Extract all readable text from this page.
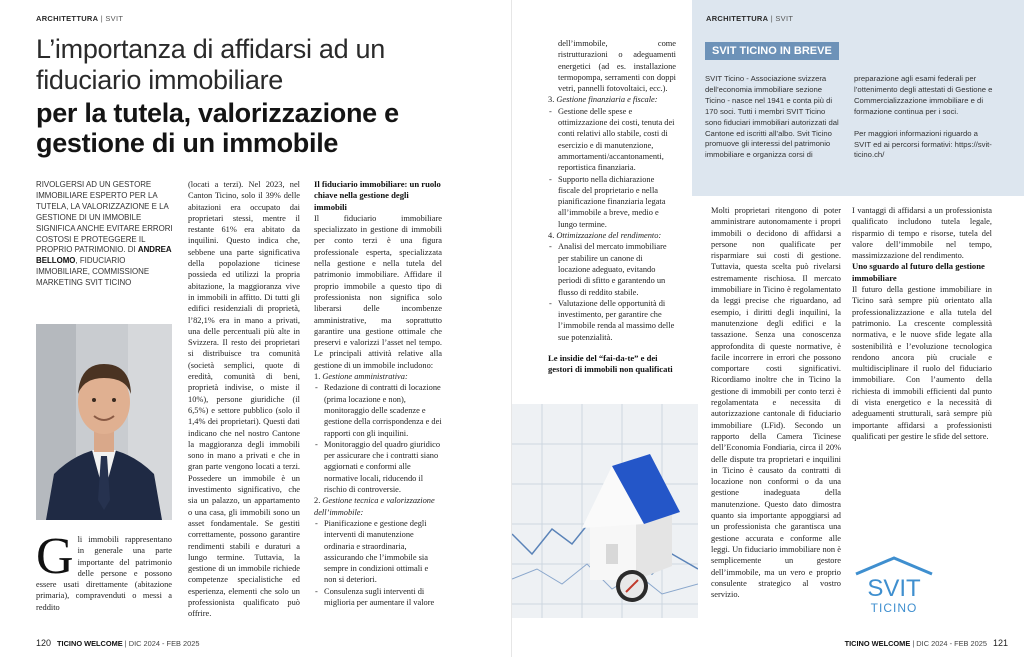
ARCHITETTURA | SVIT
L’importanza di affidarsi ad un fiduciario immobiliare
per la tutela, valorizzazione e gestione di un immobile
RIVOLGERSI AD UN GESTORE IMMOBILIARE ESPERTO PER LA TUTELA, LA VALORIZZAZIONE E LA GESTIONE DI UN IMMOBILE SIGNIFICA ANCHE EVITARE ERRORI COSTOSI E PROTEGGERE IL PROPRIO PATRIMONIO. DI ANDREA BELLOMO, FIDUCIARIO IMMOBILIARE, COMMISSIONE MARKETING SVIT TICINO
G li immobili rappresentano in generale una parte importante del patrimonio delle persone e possono essere usati direttamente (abitazione primaria), compravenduti o messi a reddito

(locati a terzi). Nel 2023, nel Canton Ticino, solo il 39% delle abitazioni era occupato dai proprietari stessi, mentre il restante 61% era abitato da inquilini. Questo indica che, sebbene una parte significativa della popolazione ticinese possieda ed utilizzi la propria abitazione, la maggioranza vive in immobili in affitto. Di tutti gli edifici residenziali di proprietà, l’82,1% era in mano a privati, una delle percentuali più alte in Svizzera. Il resto dei proprietari si distribuisce tra comunità (società semplici, quote di eredità, comunità di beni, proprietà indivise, o miste il 10%), persone giuridiche (il 6,5%) e settore pubblico (solo il 1,4% dei proprietari). Questi dati indicano che nel nostro Cantone la maggioranza degli immobili sono in mano a privati e che in gran parte vengono locati a terzi. Possedere un immobile è un investimento significativo, che sia un palazzo, un appartamento o una casa, gli immobili sono un asset fondamentale. Se gestiti correttamente, possono garantire rendimenti stabili e duraturi a lungo termine. Tuttavia, la gestione di un immobile richiede competenze specialistiche ed esperienza, elementi che solo un professionista qualificato può offrire.

Il fiduciario immobiliare: un ruolo chiave nella gestione degli immobili

Il fiduciario immobiliare specializzato in gestione di immobili per conto terzi è una figura professionale esperta, specializzata nella gestione e nella tutela del patrimonio immobiliare. Affidare il proprio immobile a questo tipo di professionista non significa solo liberarsi delle incombenze amministrative, ma soprattutto garantire una gestione ottimale che preservi e valorizzi l’asset nel tempo. Le principali attività relative alla gestione di un immobile includono:

1. Gestione amministrativa:
- Redazione di contratti di locazione (prima locazione e non), monitoraggio delle scadenze e gestione della corrispondenza e dei rapporti con gli inquilini.
- Monitoraggio del quadro giuridico per assicurare che i contratti siano aggiornati e conformi alle normative locali, riducendo il rischio di controversie.
2. Gestione tecnica e valorizzazione dell’immobile:
- Pianificazione e gestione degli interventi di manutenzione ordinaria e straordinaria, assicurando che l’immobile sia sempre in condizioni ottimali e non si deteriori.
- Consulenza sugli interventi di miglioria per aumentare il valore
120 TICINO WELCOME | DIC 2024 - FEB 2025
ARCHITETTURA | SVIT

dell’immobile, come ristrutturazioni o adeguamenti energetici (ad es. installazione termopompa, serramenti con doppi vetri, pannelli fotovoltaici, ecc.).

3. Gestione finanziaria e fiscale:
- Gestione delle spese e ottimizzazione dei costi, tenuta dei conti relativi allo stabile, costi di esercizio e di manutenzione, ammortamenti/accantonamenti, reportistica finanziaria.
- Supporto nella dichiarazione fiscale del proprietario e nella pianificazione finanziaria legata all’immobile a breve, medio e lungo termine.
4. Ottimizzazione del rendimento:
- Analisi del mercato immobiliare per stabilire un canone di locazione adeguato, evitando periodi di sfitto e garantendo un flusso di reddito stabile.
- Valutazione delle opportunità di investimento, per garantire che l’immobile renda al massimo delle sue potenzialità.
Le insidie del “fai-da-te” e dei gestori di immobili non qualificati
SVIT TICINO IN BREVE
SVIT Ticino - Associazione svizzera dell’economia immobiliare sezione Ticino - nasce nel 1941 e conta più di 170 soci. Tutti i membri SVIT Ticino sono fiduciari immobiliari autorizzati dal Cantone ed iscritti all’albo. Svit Ticino promuove gli interessi del patrimonio immobiliare e organizza corsi di

preparazione agli esami federali per l’ottenimento degli attestati di Gestione e Commercializzazione immobiliare e di formazione continua per i soci.

Per maggiori informazioni riguardo a SVIT ed ai percorsi formativi: https://svit-ticino.ch/

Molti proprietari ritengono di poter amministrare autonomamente i propri immobili o decidono di affidarsi a persone non qualificate per risparmiare sui costi di gestione. Tuttavia, questa scelta può rivelarsi estremamente rischiosa. Il mercato immobiliare in Ticino è regolamentato da leggi precise che riguardano, ad esempio, i diritti degli inquilini, la manutenzione degli edifici e la tassazione. Senza una conoscenza approfondita di queste normative, è facile incorrere in errori che possono comportare costi significativi. Ricordiamo inoltre che in Ticino la gestione di immobili per conto terzi è regolamentata e necessita di autorizzazione cantonale di fiduciario immobiliare (LFid). Secondo un rapporto della Camera Ticinese dell’Economia Fondiaria, circa il 20% delle dispute tra proprietari e inquilini in Ticino è causato da contratti di locazione non conformi o da una gestione inadeguata della manutenzione. Questo dato dimostra quanto sia importante appoggiarsi ad un professionista che garantisca una gestione accurata e conforme alle leggi. Un fiduciario immobiliare non è semplicemente un gestore dell’immobile, ma un vero e proprio consulente strategico al vostro servizio.

I vantaggi di affidarsi a un professionista qualificato includono tutela legale, risparmio di tempo e risorse, tutela del valore dell’immobile nel tempo, massimizzazione del rendimento.

Uno sguardo al futuro della gestione immobiliare

Il futuro della gestione immobiliare in Ticino sarà sempre più orientato alla professionalizzazione e alla tutela del patrimonio. La crescente complessità normativa, e le nuove sfide legate alla sostenibilità e l’evoluzione tecnologica rendono ancora più cruciale e multidisciplinare il ruolo del fiduciario immobiliare. Con l’aumento della richiesta di immobili efficienti dal punto di vista energetico e la necessità di adeguamenti strutturali, sarà sempre più importante affidarsi a professionisti qualificati per gestire le sfide del settore.

SVIT
TICINO
TICINO WELCOME | DIC 2024 - FEB 2025 121
